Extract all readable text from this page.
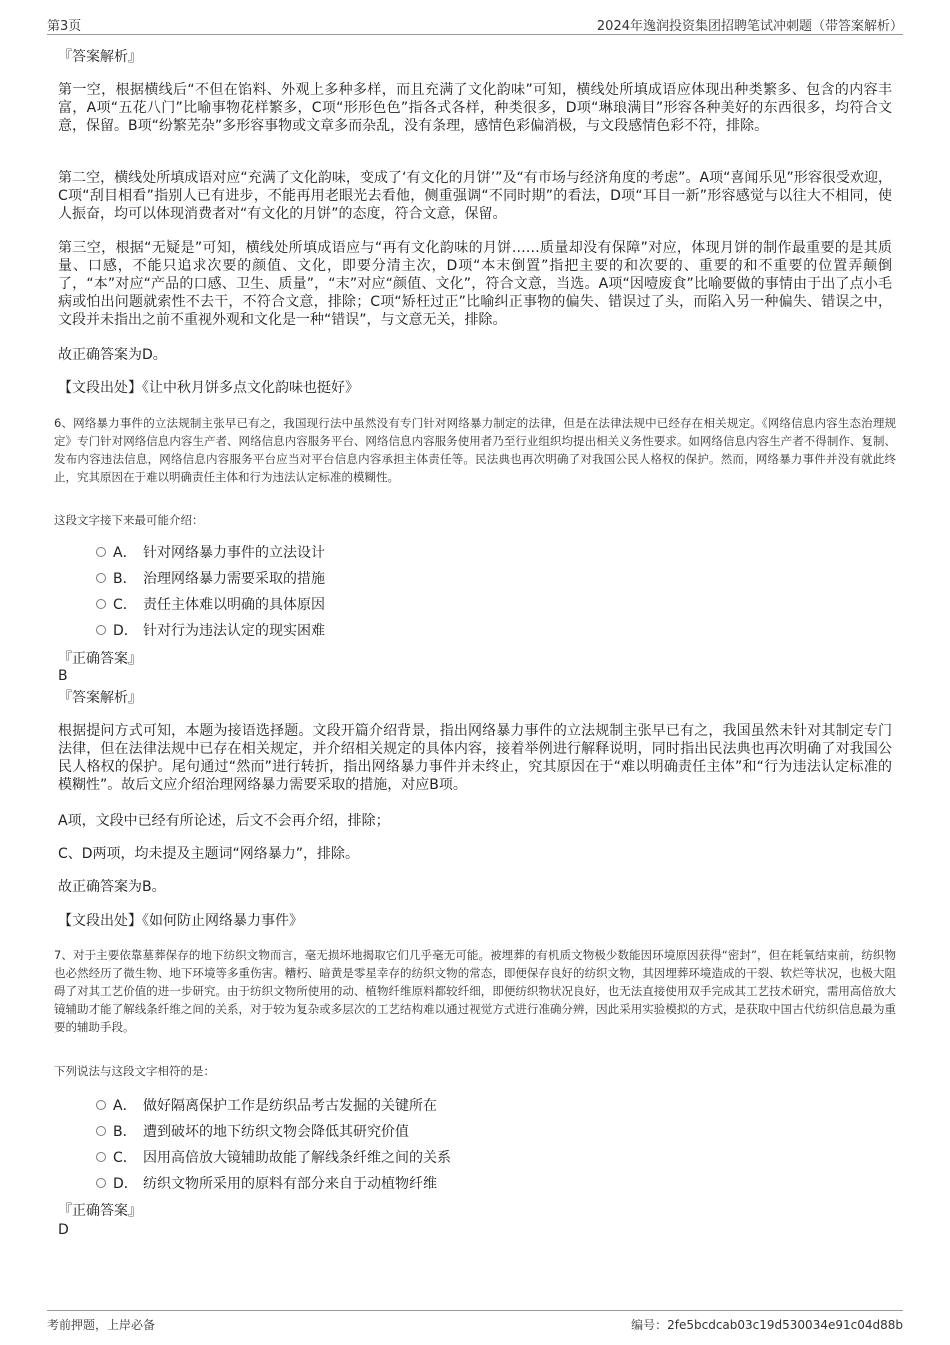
第3页	2024年逸润投资集团招聘笔试冲刺题（带答案解析）
『答案解析』

第一空，根据横线后“不但在馅料、外观上多种多样，而且充满了文化韵味”可知，横线处所填成语应体现出种类繁多、包含的内容丰富，A项“五花八门”比喻事物花样繁多，C项“形形色色”指各式各样，种类很多，D项“琳琅满目”形容各种美好的东西很多，均符合文意，保留。B项“纷繁芜杂”多形容事物或文章多而杂乱，没有条理，感情色彩偏消极，与文段感情色彩不符，排除。

第二空，横线处所填成语对应“充满了文化韵味，变成了‘有文化的月饼’”及“有市场与经济角度的考虑”。A项“喜闻乐见”形容很受欢迎，C项“刮目相看”指别人已有进步，不能再用老眼光去看他，侧重强调“不同时期”的看法，D项“耳目一新”形容感觉与以往大不相同，使人振奋，均可以体现消费者对“有文化的月饼”的态度，符合文意，保留。

第三空，根据“无疑是”可知，横线处所填成语应与“再有文化韵味的月饼……质量却没有保障”对应，体现月饼的制作最重要的是其质量、口感，不能只追求次要的颜值、文化，即要分清主次，D项“本末倒置”指把主要的和次要的、重要的和不重要的位置弄颠倒了，“本”对应“产品的口感、卫生、质量”，“末”对应“颜值、文化”，符合文意，当选。A项“因噎废食”比喻要做的事情由于出了点小毛病或怕出问题就索性不去干，不符合文意，排除；C项“矫枉过正”比喻纠正事物的偏失、错误过了头，而陷入另一种偏失、错误之中，文段并未指出之前不重视外观和文化是一种“错误”，与文意无关，排除。

故正确答案为D。

【文段出处】《让中秋月饼多点文化韵味也挺好》

6、网络暴力事件的立法规制主张早已有之，我国现行法中虽然没有专门针对网络暴力制定的法律，但是在法律法规中已经存在相关规定。《网络信息内容生态治理规定》专门针对网络信息内容生产者、网络信息内容服务平台、网络信息内容服务使用者乃至行业组织均提出相关义务性要求。如网络信息内容生产者不得制作、复制、发布内容违法信息，网络信息内容服务平台应当对平台信息内容承担主体责任等。民法典也再次明确了对我国公民人格权的保护。然而，网络暴力事件并没有就此终止，究其原因在于难以明确责任主体和行为违法认定标准的模糊性。

这段文字接下来最可能介绍：
A． 针对网络暴力事件的立法设计
B． 治理网络暴力需要采取的措施
C． 责任主体难以明确的具体原因
D． 针对行为违法认定的现实困难
『正确答案』
B
『答案解析』

根据提问方式可知，本题为接语选择题。文段开篇介绍背景，指出网络暴力事件的立法规制主张早已有之，我国虽然未针对其制定专门法律，但在法律法规中已存在相关规定，并介绍相关规定的具体内容，接着举例进行解释说明，同时指出民法典也再次明确了对我国公民人格权的保护。尾句通过“然而”进行转折，指出网络暴力事件并未终止，究其原因在于“难以明确责任主体”和“行为违法认定标准的模糊性”。故后文应介绍治理网络暴力需要采取的措施，对应B项。

A项，文段中已经有所论述，后文不会再介绍，排除；

C、D两项，均未提及主题词“网络暴力”，排除。

故正确答案为B。

【文段出处】《如何防止网络暴力事件》

7、对于主要依靠墓葬保存的地下纺织文物而言，毫无损坏地揭取它们几乎毫无可能。被埋葬的有机质文物极少数能因环境原因获得“密封”，但在耗氧结束前，纺织物也必然经历了微生物、地下环境等多重伤害。糟朽、暗黄是零星幸存的纺织文物的常态，即便保存良好的纺织文物，其因埋葬环境造成的干裂、软烂等状况，也极大阻碍了对其工艺价值的进一步研究。由于纺织文物所使用的动、植物纤维原料都较纤细，即便纺织物状况良好，也无法直接使用双手完成其工艺技术研究，需用高倍放大镜辅助才能了解线条纤维之间的关系，对于较为复杂或多层次的工艺结构难以通过视觉方式进行准确分辨，因此采用实验模拟的方式，是获取中国古代纺织信息最为重要的辅助手段。

下列说法与这段文字相符的是：
A． 做好隔离保护工作是纺织品考古发掘的关键所在
B． 遭到破坏的地下纺织文物会降低其研究价值
C． 因用高倍放大镜辅助故能了解线条纤维之间的关系
D． 纺织文物所采用的原料有部分来自于动植物纤维
『正确答案』
D
考前押题，上岸必备	编号：2fe5bcdcab03c19d530034e91c04d88b
